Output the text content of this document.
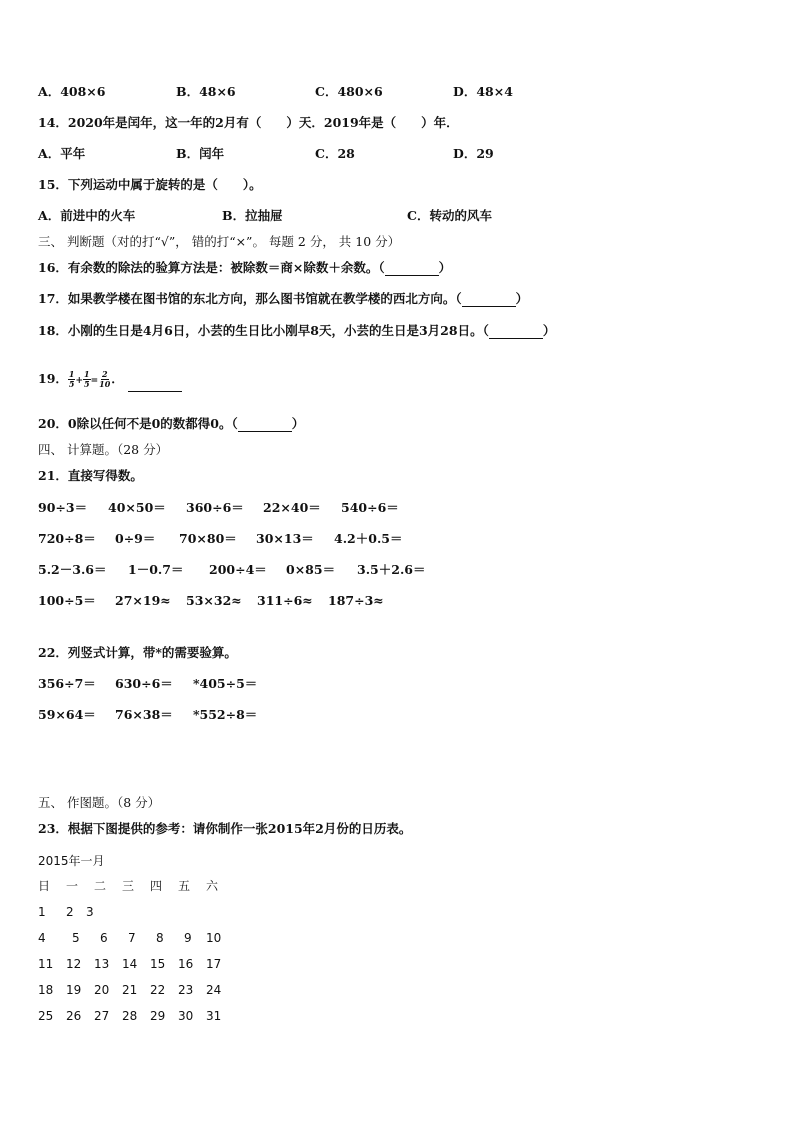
A．408×6	B．48×6	C．480×6	D．48×4
14．2020年是闰年，这一年的2月有（　　）天．2019年是（　　）年．
A．平年	B．闰年	C．28	D．29
15．下列运动中属于旋转的是（　　）。
A．前进中的火车	B．拉抽屉	C．转动的风车
三、 判断题（对的打“√”， 错的打“×”。 每题 2 分， 共 10 分）
16．有余数的除法的验算方法是：被除数＝商×除数＋余数。（	）
17．如果教学楼在图书馆的东北方向，那么图书馆就在教学楼的西北方向。（	）
18．小刚的生日是4月6日，小芸的生日比小刚早8天，小芸的生日是3月28日。（	）
19． $\frac{1}{5} + \frac{1}{5} = \frac{2}{10}$ ．
20．0除以任何不是0的数都得0。（	）
四、 计算题。（28 分）
21．直接写得数。
90÷3＝ 40×50＝ 360÷6＝ 22×40＝ 540÷6＝
720÷8＝ 0÷9＝ 70×80＝ 30×13＝ 4.2＋0.5＝
5.2－3.6＝ 1－0.7＝ 200÷4＝ 0×85＝ 3.5＋2.6＝
100÷5＝ 27×19≈ 53×32≈ 311÷6≈ 187÷3≈
22．列竖式计算，带*的需要验算。
356÷7＝ 630÷6＝ *405÷5＝
59×64＝ 76×38＝ *552÷8＝
五、 作图题。（8 分）
23．根据下图提供的参考：请你制作一张2015年2月份的日历表。
2015年一月
日	一	二	三	四	五	六
1	2	3
4	5	6	7	8	9	10
11	12	13	14	15	16	17
18	19	20	21	22	23	24
25	26	27	28	29	30	31
